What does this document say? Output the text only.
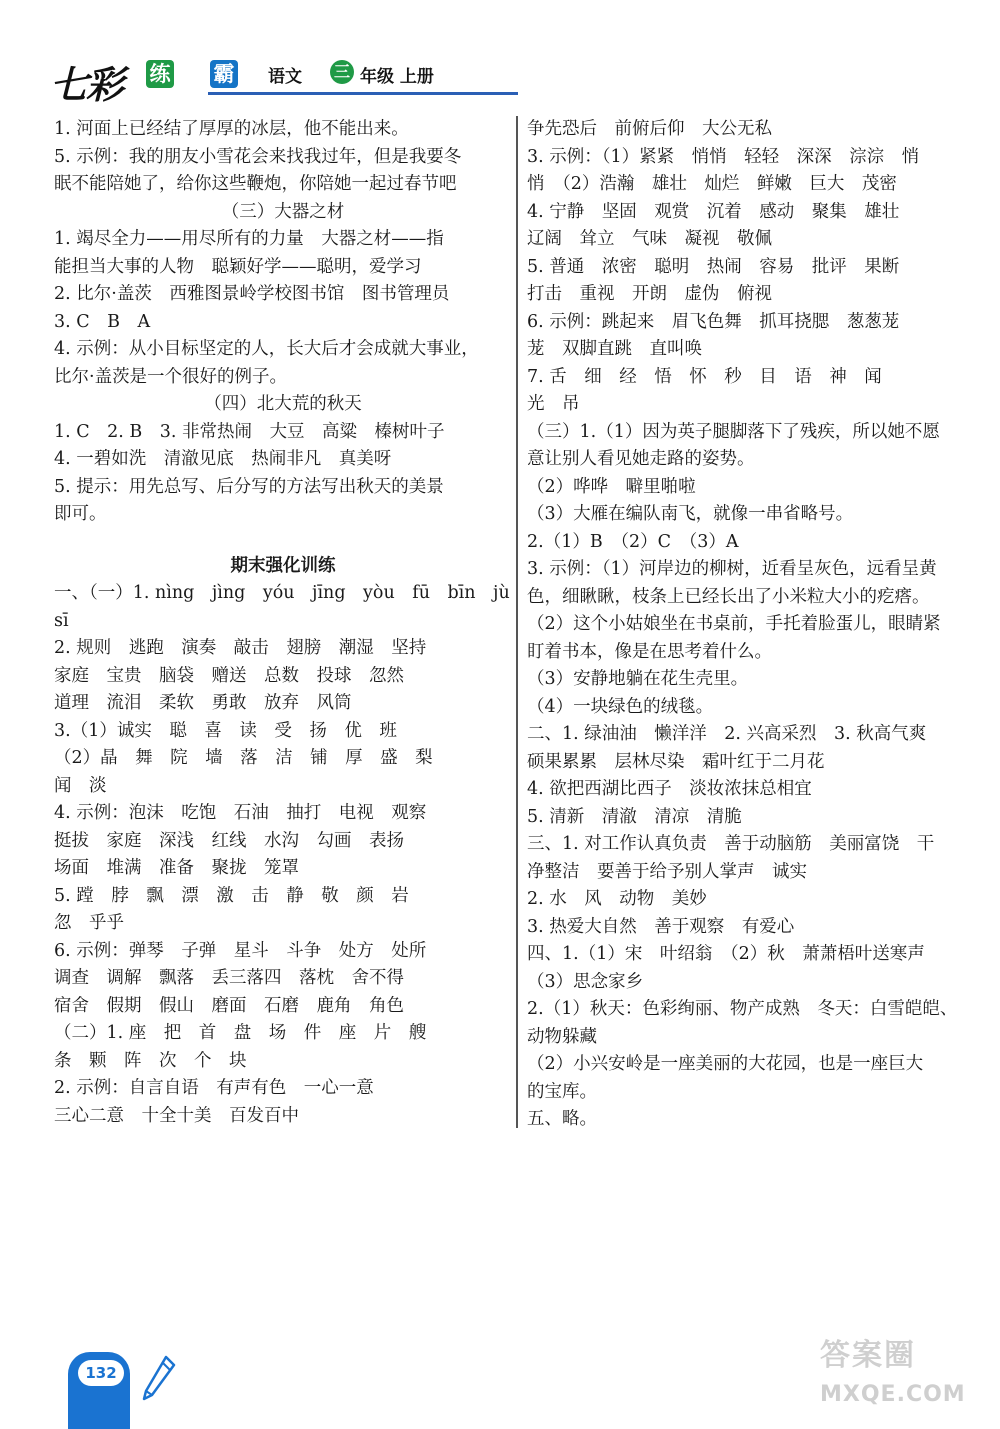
七彩 练 霸 语文 三 年级 上册
1. 河面上已经结了厚厚的冰层，他不能出来。
5. 示例：我的朋友小雪花会来找我过年，但是我要冬
眠不能陪她了，给你这些鞭炮，你陪她一起过春节吧
（三）大器之材
1. 竭尽全力——用尽所有的力量　大器之材——指
能担当大事的人物　聪颖好学——聪明，爱学习
2. 比尔·盖茨　西雅图景岭学校图书馆　图书管理员
3. C　B　A
4. 示例：从小目标坚定的人，长大后才会成就大事业，
比尔·盖茨是一个很好的例子。
（四）北大荒的秋天
1. C　2. B　3. 非常热闹　大豆　高粱　榛树叶子
4. 一碧如洗　清澈见底　热闹非凡　真美呀
5. 提示：用先总写、后分写的方法写出秋天的美景
即可。
期末强化训练
一、（一）1. nìng　jìng　yóu　jīng　yòu　fū　bīn　jù
sī
2. 规则　逃跑　演奏　敲击　翅膀　潮湿　坚持
家庭　宝贵　脑袋　赠送　总数　投球　忽然
道理　流泪　柔软　勇敢　放弃　风筒
3.（1）诚实　聪　喜　读　受　扬　优　班
（2）晶　舞　院　墙　落　洁　铺　厚　盛　梨
闻　淡
4. 示例：泡沫　吃饱　石油　抽打　电视　观察
挺拔　家庭　深浅　红线　水沟　勾画　表扬
场面　堆满　准备　聚拢　笼罩
5. 蹚　脖　飘　漂　激　击　静　敬　颜　岩
忽　乎乎
6. 示例：弹琴　子弹　星斗　斗争　处方　处所
调查　调解　飘落　丢三落四　落枕　舍不得
宿舍　假期　假山　磨面　石磨　鹿角　角色
（二）1. 座　把　首　盘　场　件　座　片　艘
条　颗　阵　次　个　块
2. 示例：自言自语　有声有色　一心一意
三心二意　十全十美　百发百中
争先恐后　前俯后仰　大公无私
3. 示例：（1）紧紧　悄悄　轻轻　深深　淙淙　悄
悄　（2）浩瀚　雄壮　灿烂　鲜嫩　巨大　茂密
4. 宁静　坚固　观赏　沉着　感动　聚集　雄壮
辽阔　耸立　气味　凝视　敬佩
5. 普通　浓密　聪明　热闹　容易　批评　果断
打击　重视　开朗　虚伪　俯视
6. 示例：跳起来　眉飞色舞　抓耳挠腮　葱葱茏
茏　双脚直跳　直叫唤
7. 舌　细　经　悟　怀　秒　目　语　神　闻
光　吊
（三）1.（1）因为英子腿脚落下了残疾，所以她不愿
意让别人看见她走路的姿势。
（2）哗哗　噼里啪啦
（3）大雁在编队南飞，就像一串省略号。
2.（1）B　（2）C　（3）A
3. 示例：（1）河岸边的柳树，近看呈灰色，远看呈黄
色，细瞅瞅，枝条上已经长出了小米粒大小的疙瘩。
（2）这个小姑娘坐在书桌前，手托着脸蛋儿，眼睛紧
盯着书本，像是在思考着什么。
（3）安静地躺在花生壳里。
（4）一块绿色的绒毯。
二、1. 绿油油　懒洋洋　2. 兴高采烈　3. 秋高气爽
硕果累累　层林尽染　霜叶红于二月花
4. 欲把西湖比西子　淡妆浓抹总相宜
5. 清新　清澈　清凉　清脆
三、1. 对工作认真负责　善于动脑筋　美丽富饶　干
净整洁　要善于给予别人掌声　诚实
2. 水　风　动物　美妙
3. 热爱大自然　善于观察　有爱心
四、1.（1）宋　叶绍翁　（2）秋　萧萧梧叶送寒声
（3）思念家乡
2.（1）秋天：色彩绚丽、物产成熟　冬天：白雪皑皑、
动物躲藏
（2）小兴安岭是一座美丽的大花园，也是一座巨大
的宝库。
五、略。
132	答案圈
MXQE.COM
